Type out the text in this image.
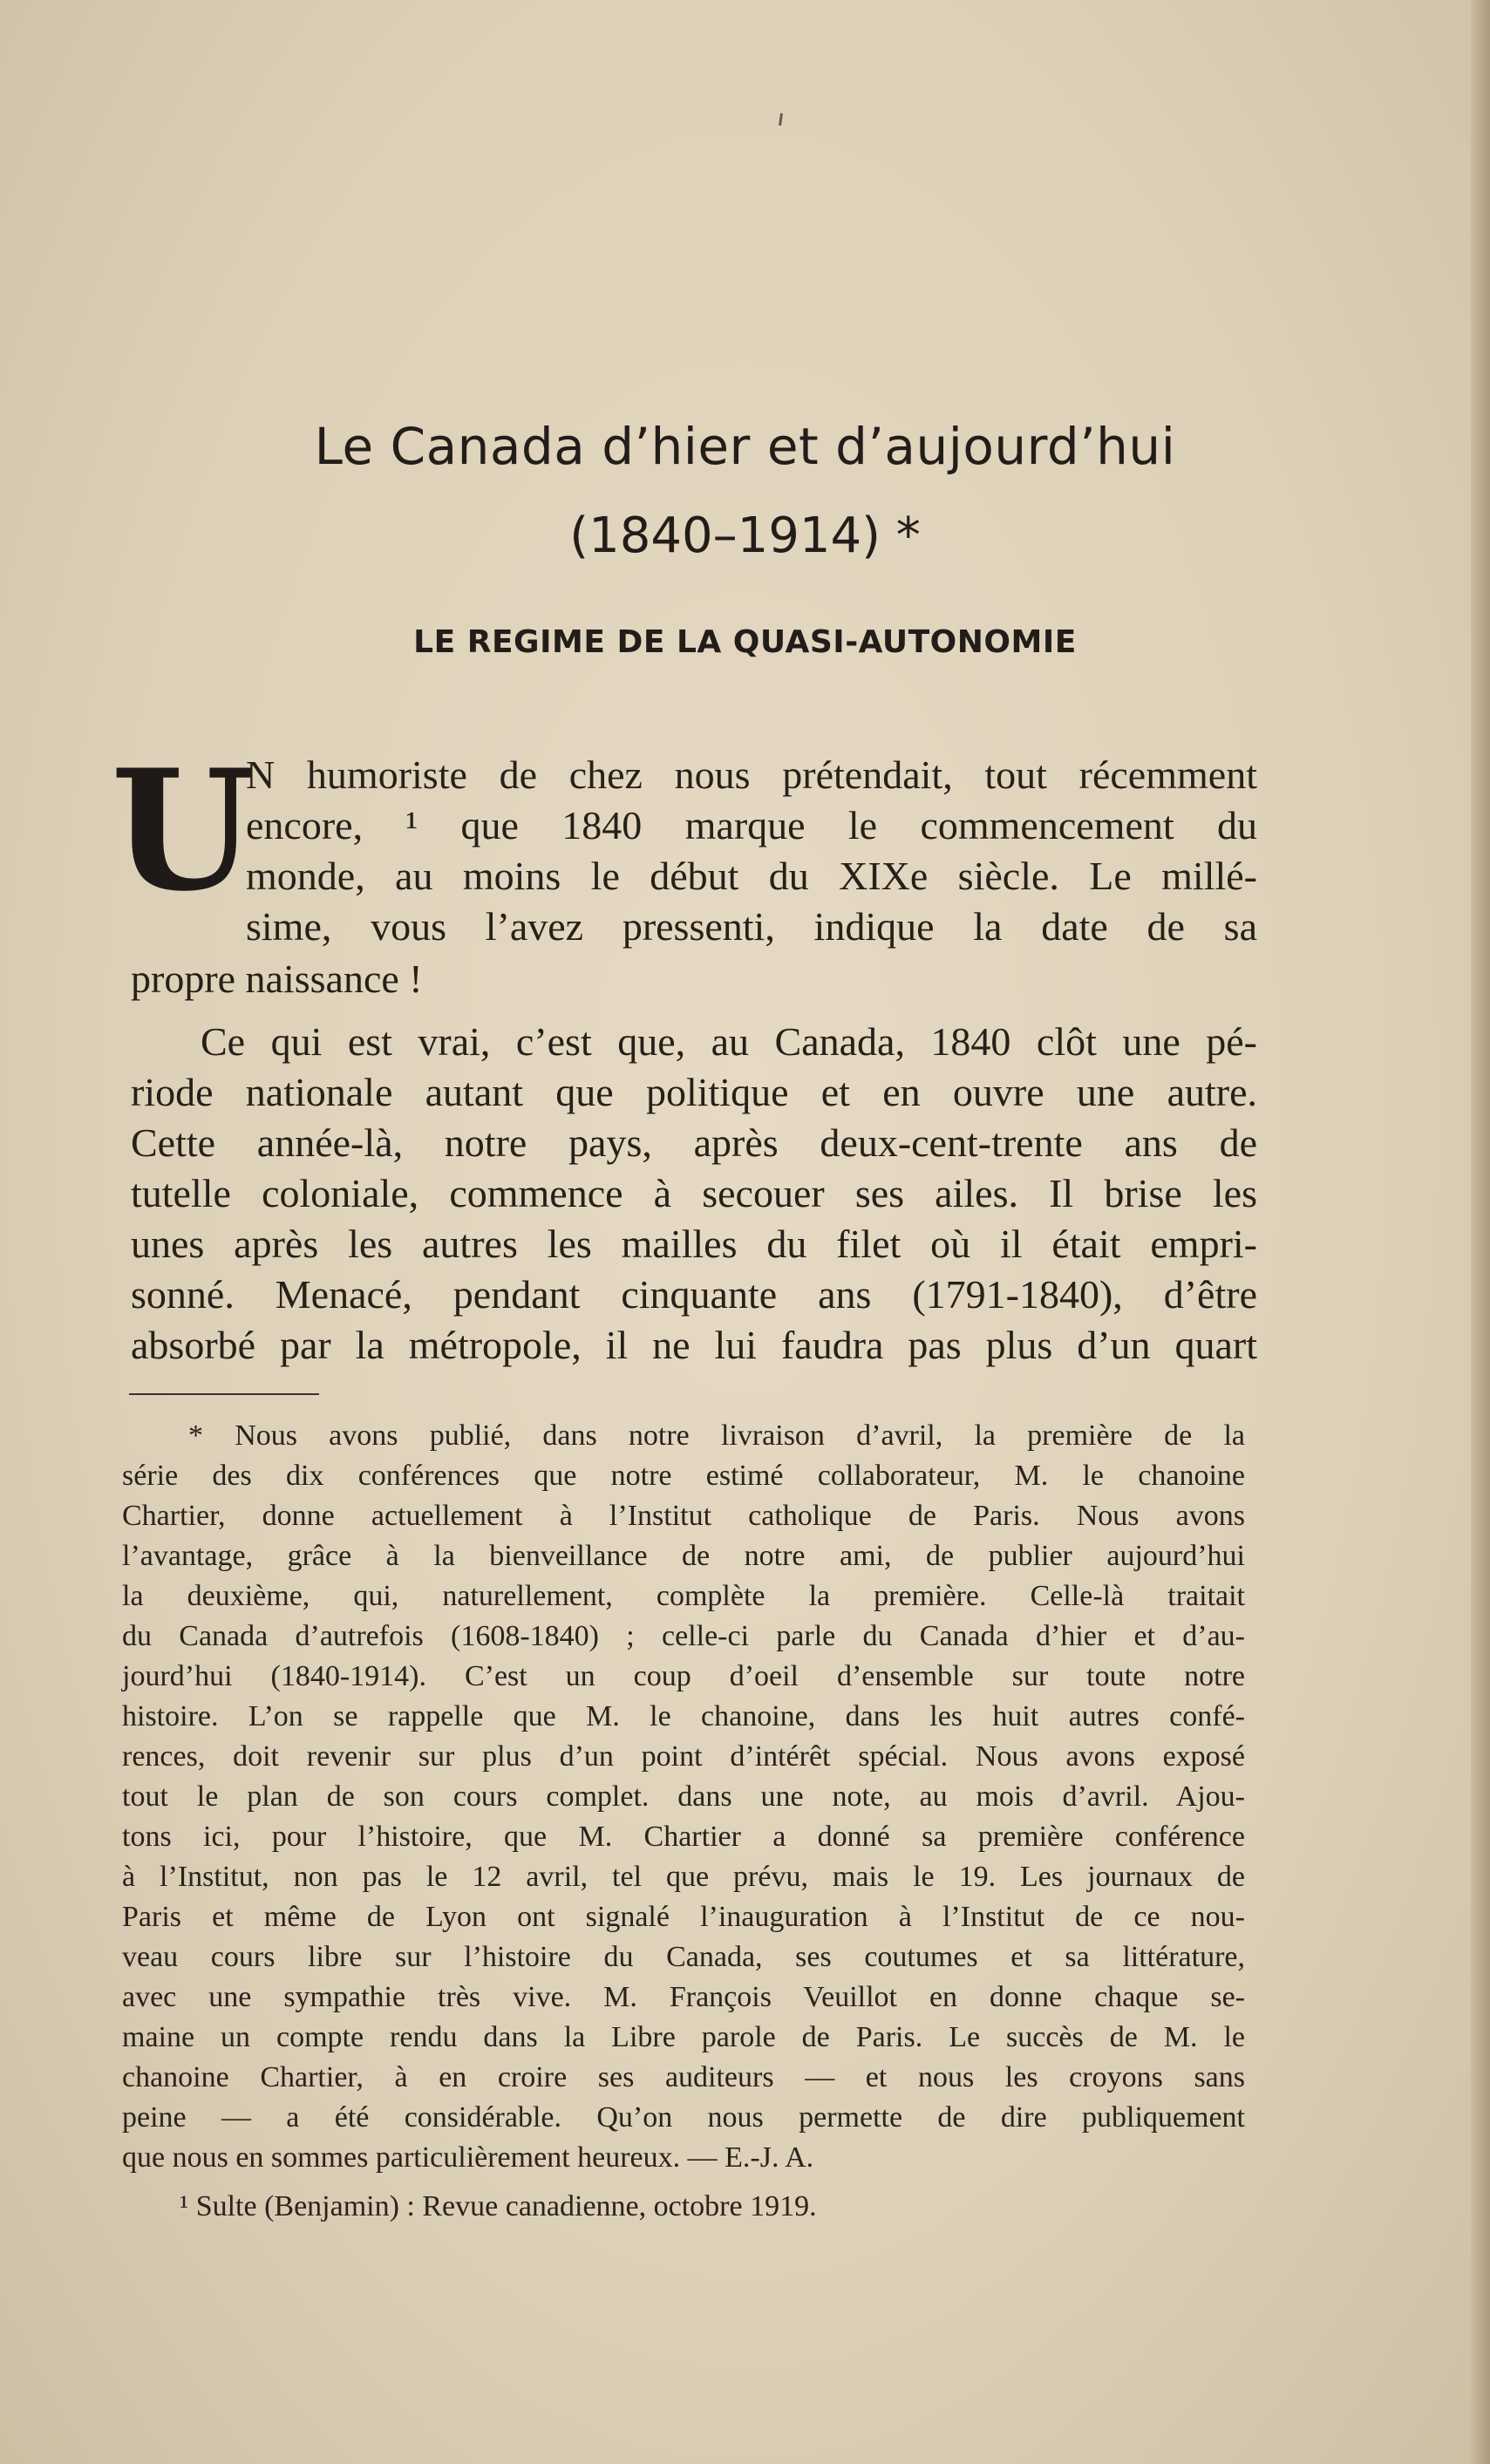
Le Canada d’hier et d’aujourd’hui
(1840–1914) *
LE REGIME DE LA QUASI-AUTONOMIE
U
N humoriste de chez nous prétendait, tout récemment
encore, ¹ que 1840 marque le commencement du
monde, au moins le début du XIXe siècle. Le millé-
sime, vous l’avez pressenti, indique la date de sa
propre naissance !
Ce qui est vrai, c’est que, au Canada, 1840 clôt une pé-
riode nationale autant que politique et en ouvre une autre.
Cette année-là, notre pays, après deux-cent-trente ans de
tutelle coloniale, commence à secouer ses ailes. Il brise les
unes après les autres les mailles du filet où il était empri-
sonné. Menacé, pendant cinquante ans (1791-1840), d’être
absorbé par la métropole, il ne lui faudra pas plus d’un quart
* Nous avons publié, dans notre livraison d’avril, la première de la
série des dix conférences que notre estimé collaborateur, M. le chanoine
Chartier, donne actuellement à l’Institut catholique de Paris. Nous avons
l’avantage, grâce à la bienveillance de notre ami, de publier aujourd’hui
la deuxième, qui, naturellement, complète la première. Celle-là traitait
du Canada d’autrefois (1608-1840) ; celle-ci parle du Canada d’hier et d’au-
jourd’hui (1840-1914). C’est un coup d’oeil d’ensemble sur toute notre
histoire. L’on se rappelle que M. le chanoine, dans les huit autres confé-
rences, doit revenir sur plus d’un point d’intérêt spécial. Nous avons exposé
tout le plan de son cours complet. dans une note, au mois d’avril. Ajou-
tons ici, pour l’histoire, que M. Chartier a donné sa première conférence
à l’Institut, non pas le 12 avril, tel que prévu, mais le 19. Les journaux de
Paris et même de Lyon ont signalé l’inauguration à l’Institut de ce nou-
veau cours libre sur l’histoire du Canada, ses coutumes et sa littérature,
avec une sympathie très vive. M. François Veuillot en donne chaque se-
maine un compte rendu dans la Libre parole de Paris. Le succès de M. le
chanoine Chartier, à en croire ses auditeurs — et nous les croyons sans
peine — a été considérable. Qu’on nous permette de dire publiquement
que nous en sommes particulièrement heureux. — E.-J. A.
¹ Sulte (Benjamin) : Revue canadienne, octobre 1919.
